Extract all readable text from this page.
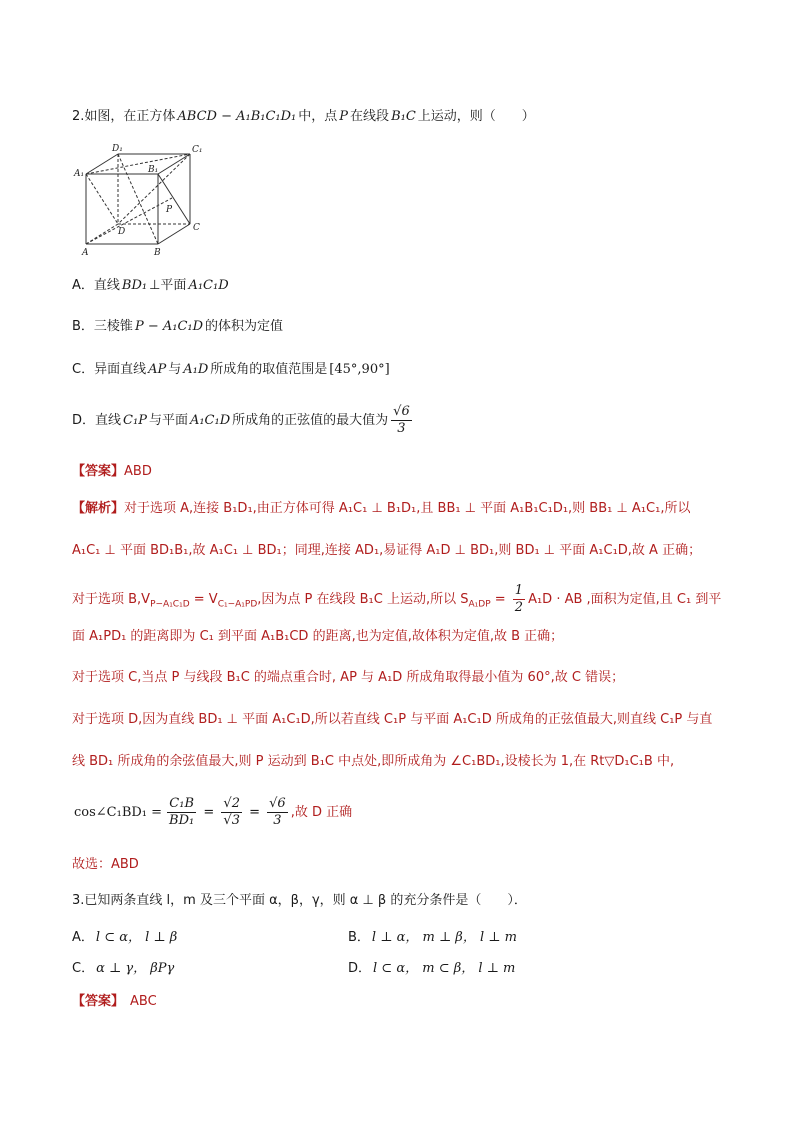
2.如图，在正方体 ABCD − A₁B₁C₁D₁ 中，点 P 在线段 B₁C 上运动，则（　　）
D₁	C₁
A₁	B₁
P
C
D
A	B
A．直线 BD₁ ⊥平面 A₁C₁D
B．三棱锥 P − A₁C₁D 的体积为定值
C．异面直线 AP 与 A₁D 所成角的取值范围是 [45°,90°]
D．直线 C₁P 与平面 A₁C₁D 所成角的正弦值的最大值为 $\frac{√6}{3}$
【答案】ABD
【解析】对于选项 A,连接 B₁D₁,由正方体可得 A₁C₁ ⊥ B₁D₁,且 BB₁ ⊥ 平面 A₁B₁C₁D₁,则 BB₁ ⊥ A₁C₁,所以
A₁C₁ ⊥ 平面 BD₁B₁,故 A₁C₁ ⊥ BD₁；同理,连接 AD₁,易证得 A₁D ⊥ BD₁,则 BD₁ ⊥ 平面 A₁C₁D,故 A 正确；
对于选项 $B,V_{P-A_1C_1D} = V_{C_1-A_1PD}$,因为点 P 在线段 B₁C 上运动,所以 $S_{A_1DP} = \frac{1}{2} A_1D$ · AB ,面积为定值,且 C₁ 到平
面 A₁PD₁ 的距离即为 C₁ 到平面 A₁B₁CD 的距离,也为定值,故体积为定值,故 B 正确；
对于选项 C,当点 P 与线段 B₁C 的端点重合时, AP 与 A₁D 所成角取得最小值为 60°,故 C 错误；
对于选项 D,因为直线 BD₁ ⊥ 平面 A₁C₁D,所以若直线 C₁P 与平面 A₁C₁D 所成角的正弦值最大,则直线 C₁P 与直
线 BD₁ 所成角的余弦值最大,则 P 运动到 B₁C 中点处,即所成角为 ∠C₁BD₁,设棱长为 1,在 Rt▽D₁C₁B 中,
cos∠C₁BD₁ = $\frac{\text{C₁B}}{\text{BD₁}} = \frac{√2}{√3} = \frac{√6}{3}$ ,故 D 正确
故选：ABD
3.已知两条直线 l，m 及三个平面 α，β，γ，则 α ⊥ β 的充分条件是（　　）．
A． l ⊂ α， l ⊥ β	B． l ⊥ α， m ⊥ β， l ⊥ m
C． α ⊥ γ， βPγ	D． l ⊂ α， m ⊂ β， l ⊥ m
【答案】 ABC
